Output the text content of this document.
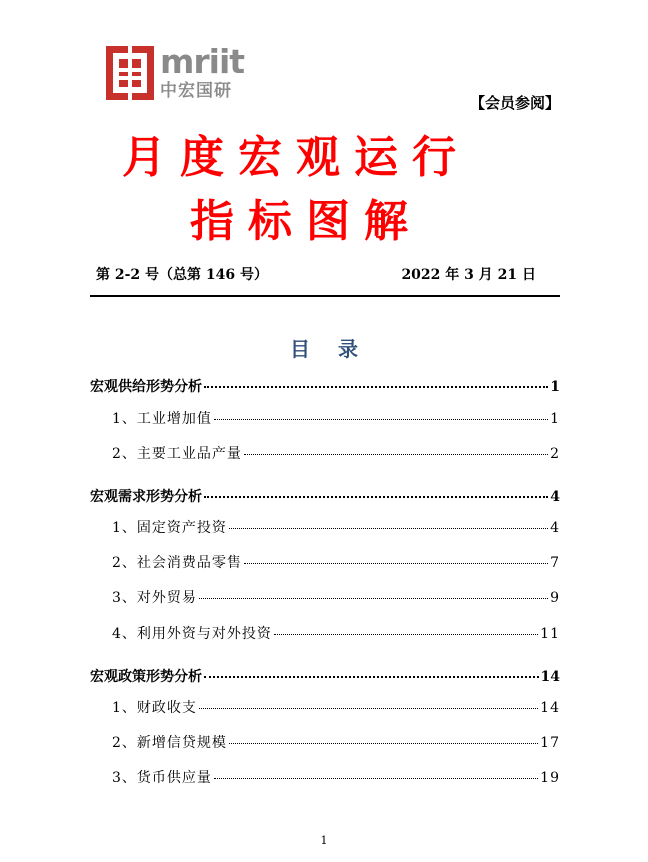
mriit
中宏国研
【会员参阅】
月度宏观运行
指标图解
第 2-2 号（总第 146 号）	2022 年 3 月 21 日
目录
宏观供给形势分析	1
1、工业增加值	1
2、主要工业品产量	2
宏观需求形势分析	4
1、固定资产投资	4
2、社会消费品零售	7
3、对外贸易	9
4、利用外资与对外投资	11
宏观政策形势分析	14
1、财政收支	14
2、新增信贷规模	17
3、货币供应量	19
1
